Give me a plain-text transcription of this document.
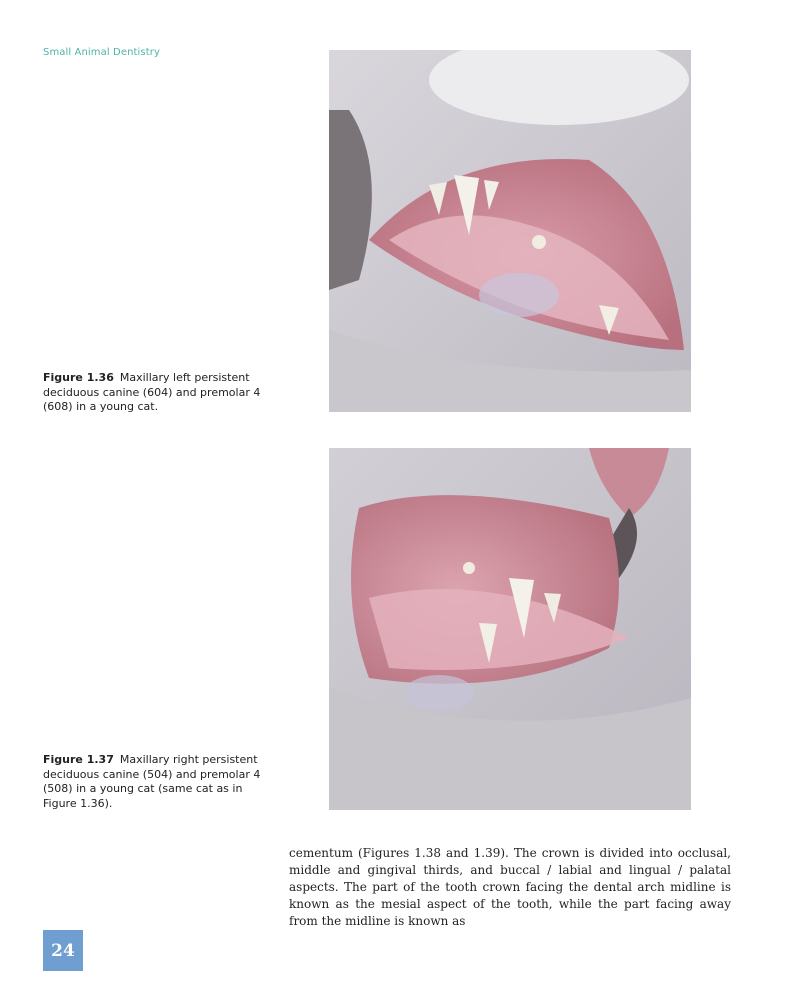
Small Animal Dentistry
Figure 1.36 Maxillary left persistent deciduous canine (604) and premolar 4 (608) in a young cat.
Figure 1.37 Maxillary right persistent deciduous canine (504) and premolar 4 (508) in a young cat (same cat as in Figure 1.36).
cementum (Figures 1.38 and 1.39). The crown is divided into occlusal, middle and gingival thirds, and buccal / labial and lingual / palatal aspects. The part of the tooth crown facing the dental arch midline is known as the mesial aspect of the tooth, while the part facing away from the midline is known as
24
